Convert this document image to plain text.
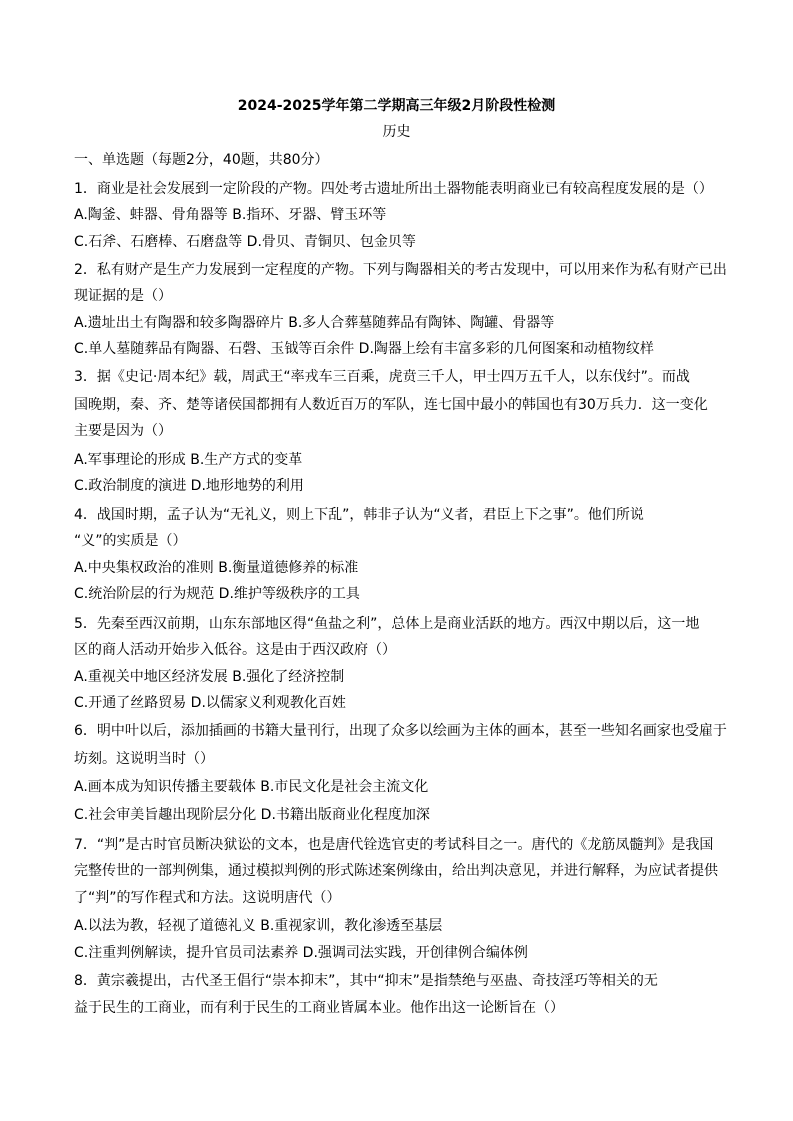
2024-2025学年第二学期高三年级2月阶段性检测
历史
一、单选题（每题2分，40题，共80分）
1．商业是社会发展到一定阶段的产物。四处考古遗址所出土器物能表明商业已有较高程度发展的是（）
A.陶釜、蚌器、骨角器等 B.指环、牙器、臂玉环等
C.石斧、石磨棒、石磨盘等 D.骨贝、青铜贝、包金贝等
2．私有财产是生产力发展到一定程度的产物。下列与陶器相关的考古发现中，可以用来作为私有财产已出
现证据的是（）
A.遗址出土有陶器和较多陶器碎片 B.多人合葬墓随葬品有陶钵、陶罐、骨器等
C.单人墓随葬品有陶器、石磬、玉钺等百余件 D.陶器上绘有丰富多彩的几何图案和动植物纹样
3．据《史记·周本纪》载，周武王“率戎车三百乘，虎贲三千人，甲士四万五千人，以东伐纣”。而战
国晚期，秦、齐、楚等诸侯国都拥有人数近百万的军队，连七国中最小的韩国也有30万兵力．这一变化
主要是因为（）
A.军事理论的形成 B.生产方式的变革
C.政治制度的演进 D.地形地势的利用
4．战国时期，孟子认为“无礼义，则上下乱”，韩非子认为“义者，君臣上下之事”。他们所说
“义”的实质是（）
A.中央集权政治的准则 B.衡量道德修养的标准
C.统治阶层的行为规范 D.维护等级秩序的工具
5．先秦至西汉前期，山东东部地区得“鱼盐之利”，总体上是商业活跃的地方。西汉中期以后，这一地
区的商人活动开始步入低谷。这是由于西汉政府（）
A.重视关中地区经济发展 B.强化了经济控制
C.开通了丝路贸易 D.以儒家义利观教化百姓
6．明中叶以后，添加插画的书籍大量刊行，出现了众多以绘画为主体的画本，甚至一些知名画家也受雇于
坊刻。这说明当时（）
A.画本成为知识传播主要载体 B.市民文化是社会主流文化
C.社会审美旨趣出现阶层分化 D.书籍出版商业化程度加深
7．“判”是古时官员断决狱讼的文本，也是唐代铨选官吏的考试科目之一。唐代的《龙筋凤髓判》是我国
完整传世的一部判例集，通过模拟判例的形式陈述案例缘由，给出判决意见，并进行解释，为应试者提供
了“判”的写作程式和方法。这说明唐代（）
A.以法为教，轻视了道德礼义 B.重视家训，教化渗透至基层
C.注重判例解读，提升官员司法素养 D.强调司法实践，开创律例合编体例
8．黄宗羲提出，古代圣王倡行“崇本抑末”，其中“抑末”是指禁绝与巫蛊、奇技淫巧等相关的无
益于民生的工商业，而有利于民生的工商业皆属本业。他作出这一论断旨在（）
